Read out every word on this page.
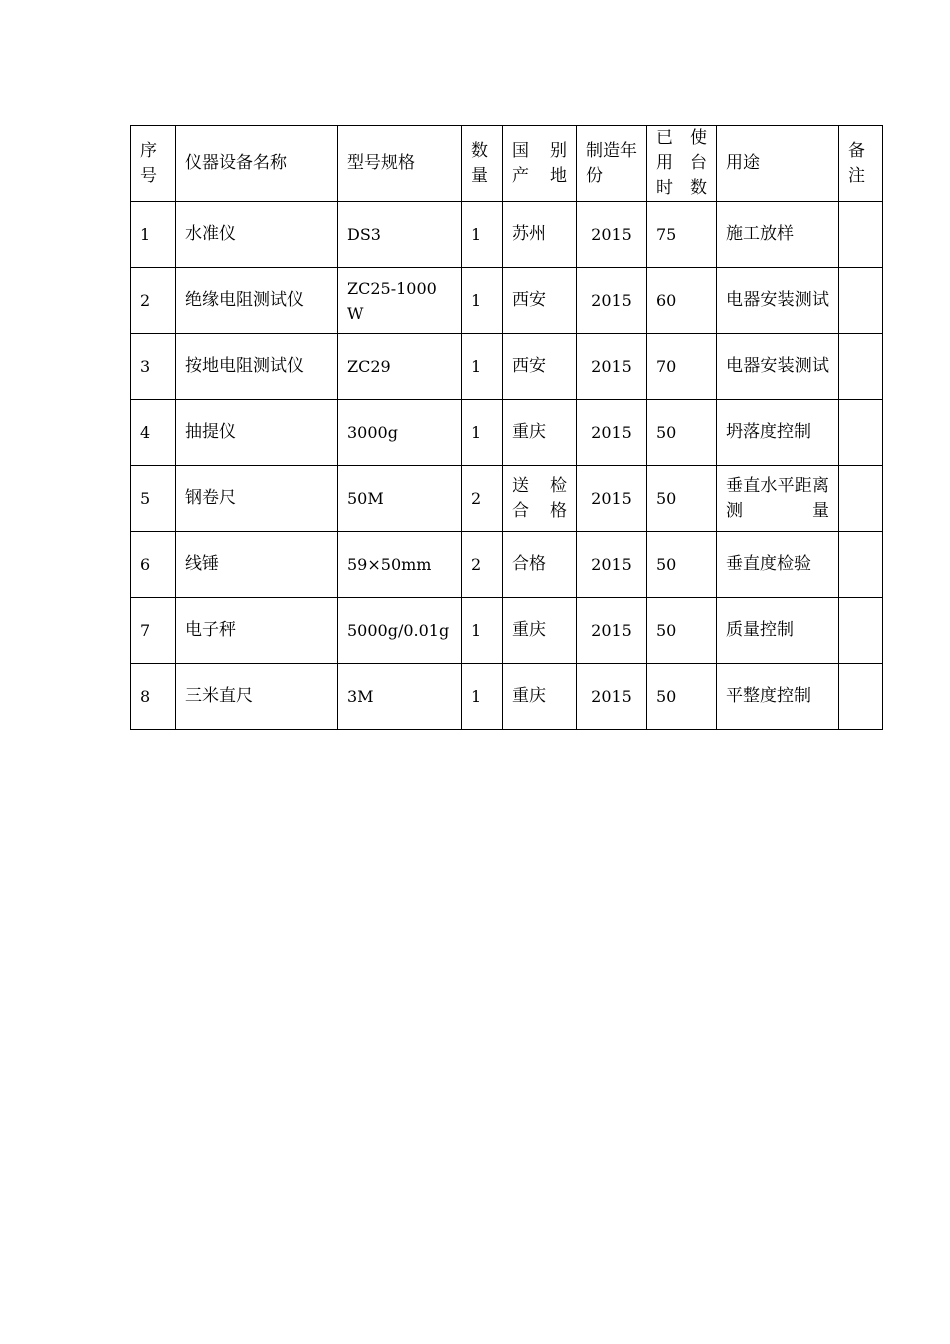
序号	仪器设备名称	型号规格	数量	国 别 产地	制造年份	已 使 用 台 时数	用途	备注
1	水准仪	DS3	1	苏州	2015	75	施工放样	
2	绝缘电阻测试仪	ZC25-1000W	1	西安	2015	60	电器安装测试	
3	按地电阻测试仪	ZC29	1	西安	2015	70	电器安装测试	
4	抽提仪	3000g	1	重庆	2015	50	坍落度控制	
5	钢卷尺	50M	2	送 检 合格	2015	50	垂直水平距离测量	
6	线锤	59×50mm	2	合格	2015	50	垂直度检验	
7	电子秤	5000g/0.01g	1	重庆	2015	50	质量控制	
8	三米直尺	3M	1	重庆	2015	50	平整度控制	
